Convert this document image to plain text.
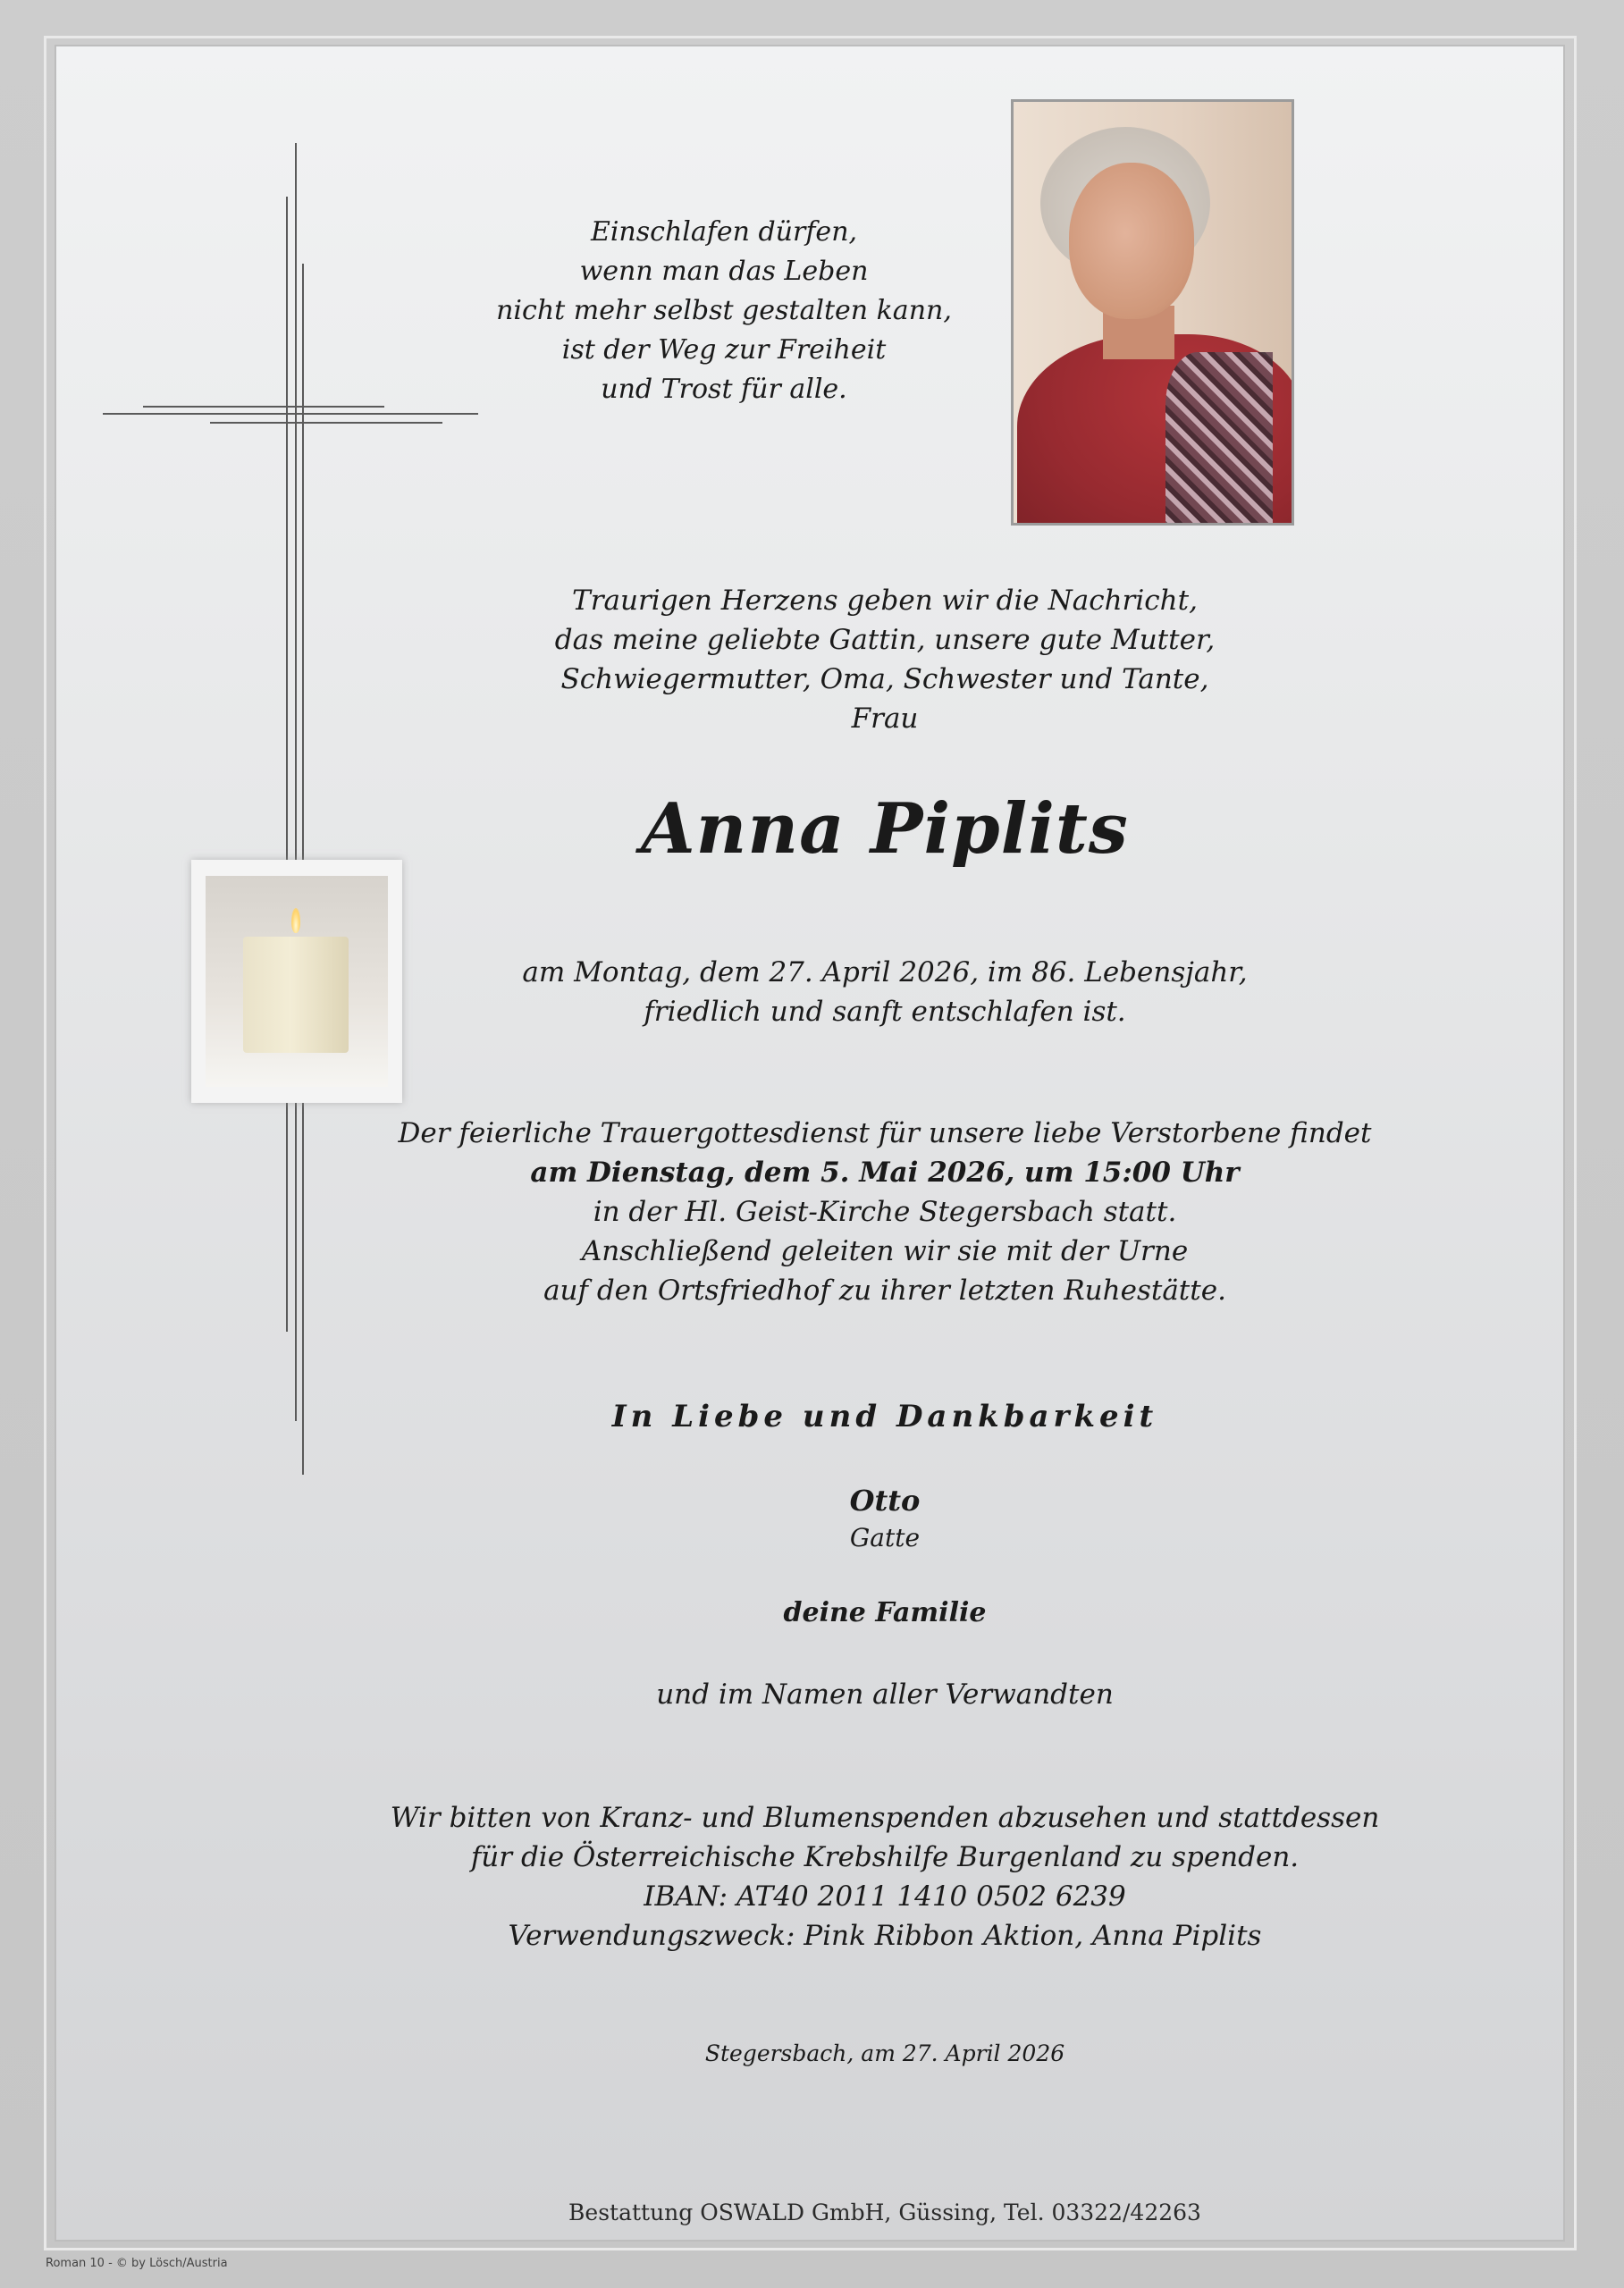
Einschlafen dürfen,
wenn man das Leben
nicht mehr selbst gestalten kann,
ist der Weg zur Freiheit
und Trost für alle.
Traurigen Herzens geben wir die Nachricht,
das meine geliebte Gattin, unsere gute Mutter,
Schwiegermutter, Oma, Schwester und Tante,
Frau
Anna Piplits
am Montag, dem 27. April 2026, im 86. Lebensjahr,
friedlich und sanft entschlafen ist.
Der feierliche Trauergottesdienst für unsere liebe Verstorbene findet
am Dienstag, dem 5. Mai 2026, um 15:00 Uhr
in der Hl. Geist-Kirche Stegersbach statt.
Anschließend geleiten wir sie mit der Urne
auf den Ortsfriedhof zu ihrer letzten Ruhestätte.
In Liebe und Dankbarkeit
Otto
Gatte
deine Familie
und im Namen aller Verwandten
Wir bitten von Kranz- und Blumenspenden abzusehen und stattdessen
für die Österreichische Krebshilfe Burgenland zu spenden.
IBAN: AT40 2011 1410 0502 6239
Verwendungszweck: Pink Ribbon Aktion, Anna Piplits
Stegersbach, am 27. April 2026
Bestattung OSWALD GmbH, Güssing, Tel. 03322/42263
Roman 10 - © by Lösch/Austria
